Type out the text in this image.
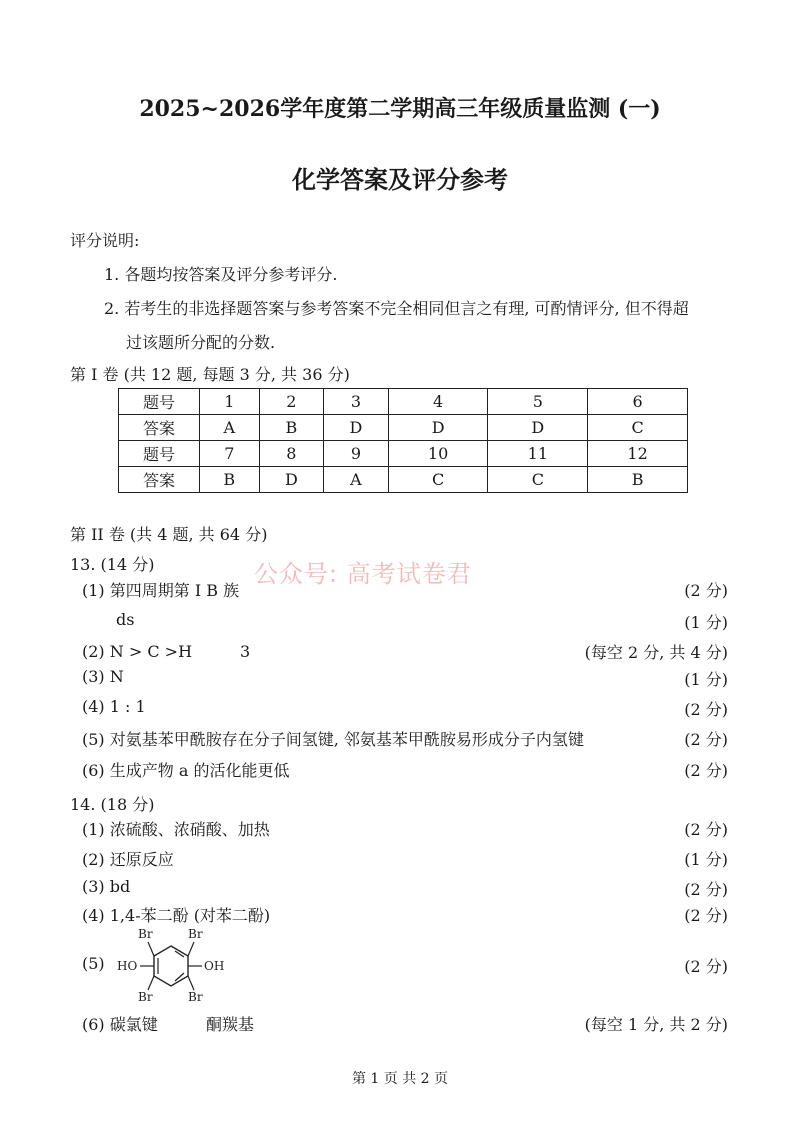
2025~2026学年度第二学期高三年级质量监测 (一)
化学答案及评分参考
评分说明:
1. 各题均按答案及评分参考评分.
2. 若考生的非选择题答案与参考答案不完全相同但言之有理, 可酌情评分, 但不得超
过该题所分配的分数.
第 I 卷 (共 12 题, 每题 3 分, 共 36 分)
题号	1	2	3	4	5	6
答案	A	B	D	D	D	C
题号	7	8	9	10	11	12
答案	B	D	A	C	C	B
第 II 卷 (共 4 题, 共 64 分)
公众号: 高考试卷君
13. (14 分)
(1) 第四周期第 I B 族	(2 分)
ds	(1 分)
(2) N > C >H	3	(每空 2 分, 共 4 分)
(3) N	(1 分)
(4) 1 : 1	(2 分)
(5) 对氨基苯甲酰胺存在分子间氢键, 邻氨基苯甲酰胺易形成分子内氢键	(2 分)
(6) 生成产物 a 的活化能更低	(2 分)
14. (18 分)
(1) 浓硫酸、浓硝酸、加热	(2 分)
(2) 还原反应	(1 分)
(3) bd	(2 分)
(4) 1,4-苯二酚 (对苯二酚)	(2 分)
(5)	(2 分)
Br	Br
Br	Br
HO	OH
(6) 碳氯键	酮羰基	(每空 1 分, 共 2 分)
第 1 页 共 2 页
